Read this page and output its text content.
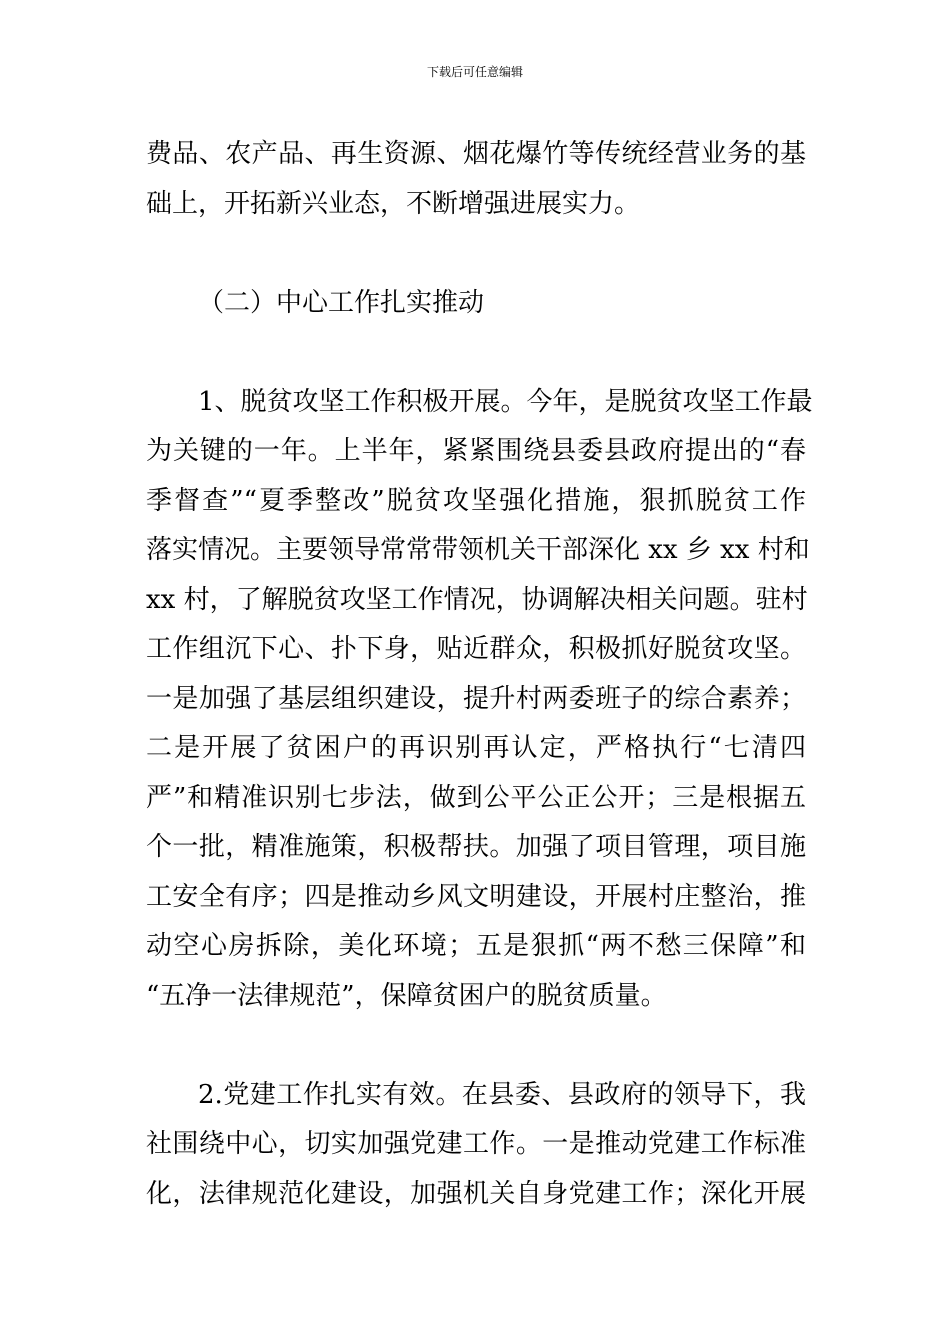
下载后可任意编辑
费品、农产品、再生资源、烟花爆竹等传统经营业务的基
础上，开拓新兴业态，不断增强进展实力。
（二）中心工作扎实推动
1、脱贫攻坚工作积极开展。今年，是脱贫攻坚工作最
为关键的一年。上半年，紧紧围绕县委县政府提出的“春
季督查”“夏季整改”脱贫攻坚强化措施，狠抓脱贫工作
落实情况。主要领导常常带领机关干部深化 xx 乡 xx 村和
xx 村，了解脱贫攻坚工作情况，协调解决相关问题。驻村
工作组沉下心、扑下身，贴近群众，积极抓好脱贫攻坚。
一是加强了基层组织建设，提升村两委班子的综合素养；
二是开展了贫困户的再识别再认定，严格执行“七清四
严”和精准识别七步法，做到公平公正公开；三是根据五
个一批，精准施策，积极帮扶。加强了项目管理，项目施
工安全有序；四是推动乡风文明建设，开展村庄整治，推
动空心房拆除，美化环境；五是狠抓“两不愁三保障”和
“五净一法律规范”，保障贫困户的脱贫质量。
2.党建工作扎实有效。在县委、县政府的领导下，我
社围绕中心，切实加强党建工作。一是推动党建工作标准
化，法律规范化建设，加强机关自身党建工作；深化开展
